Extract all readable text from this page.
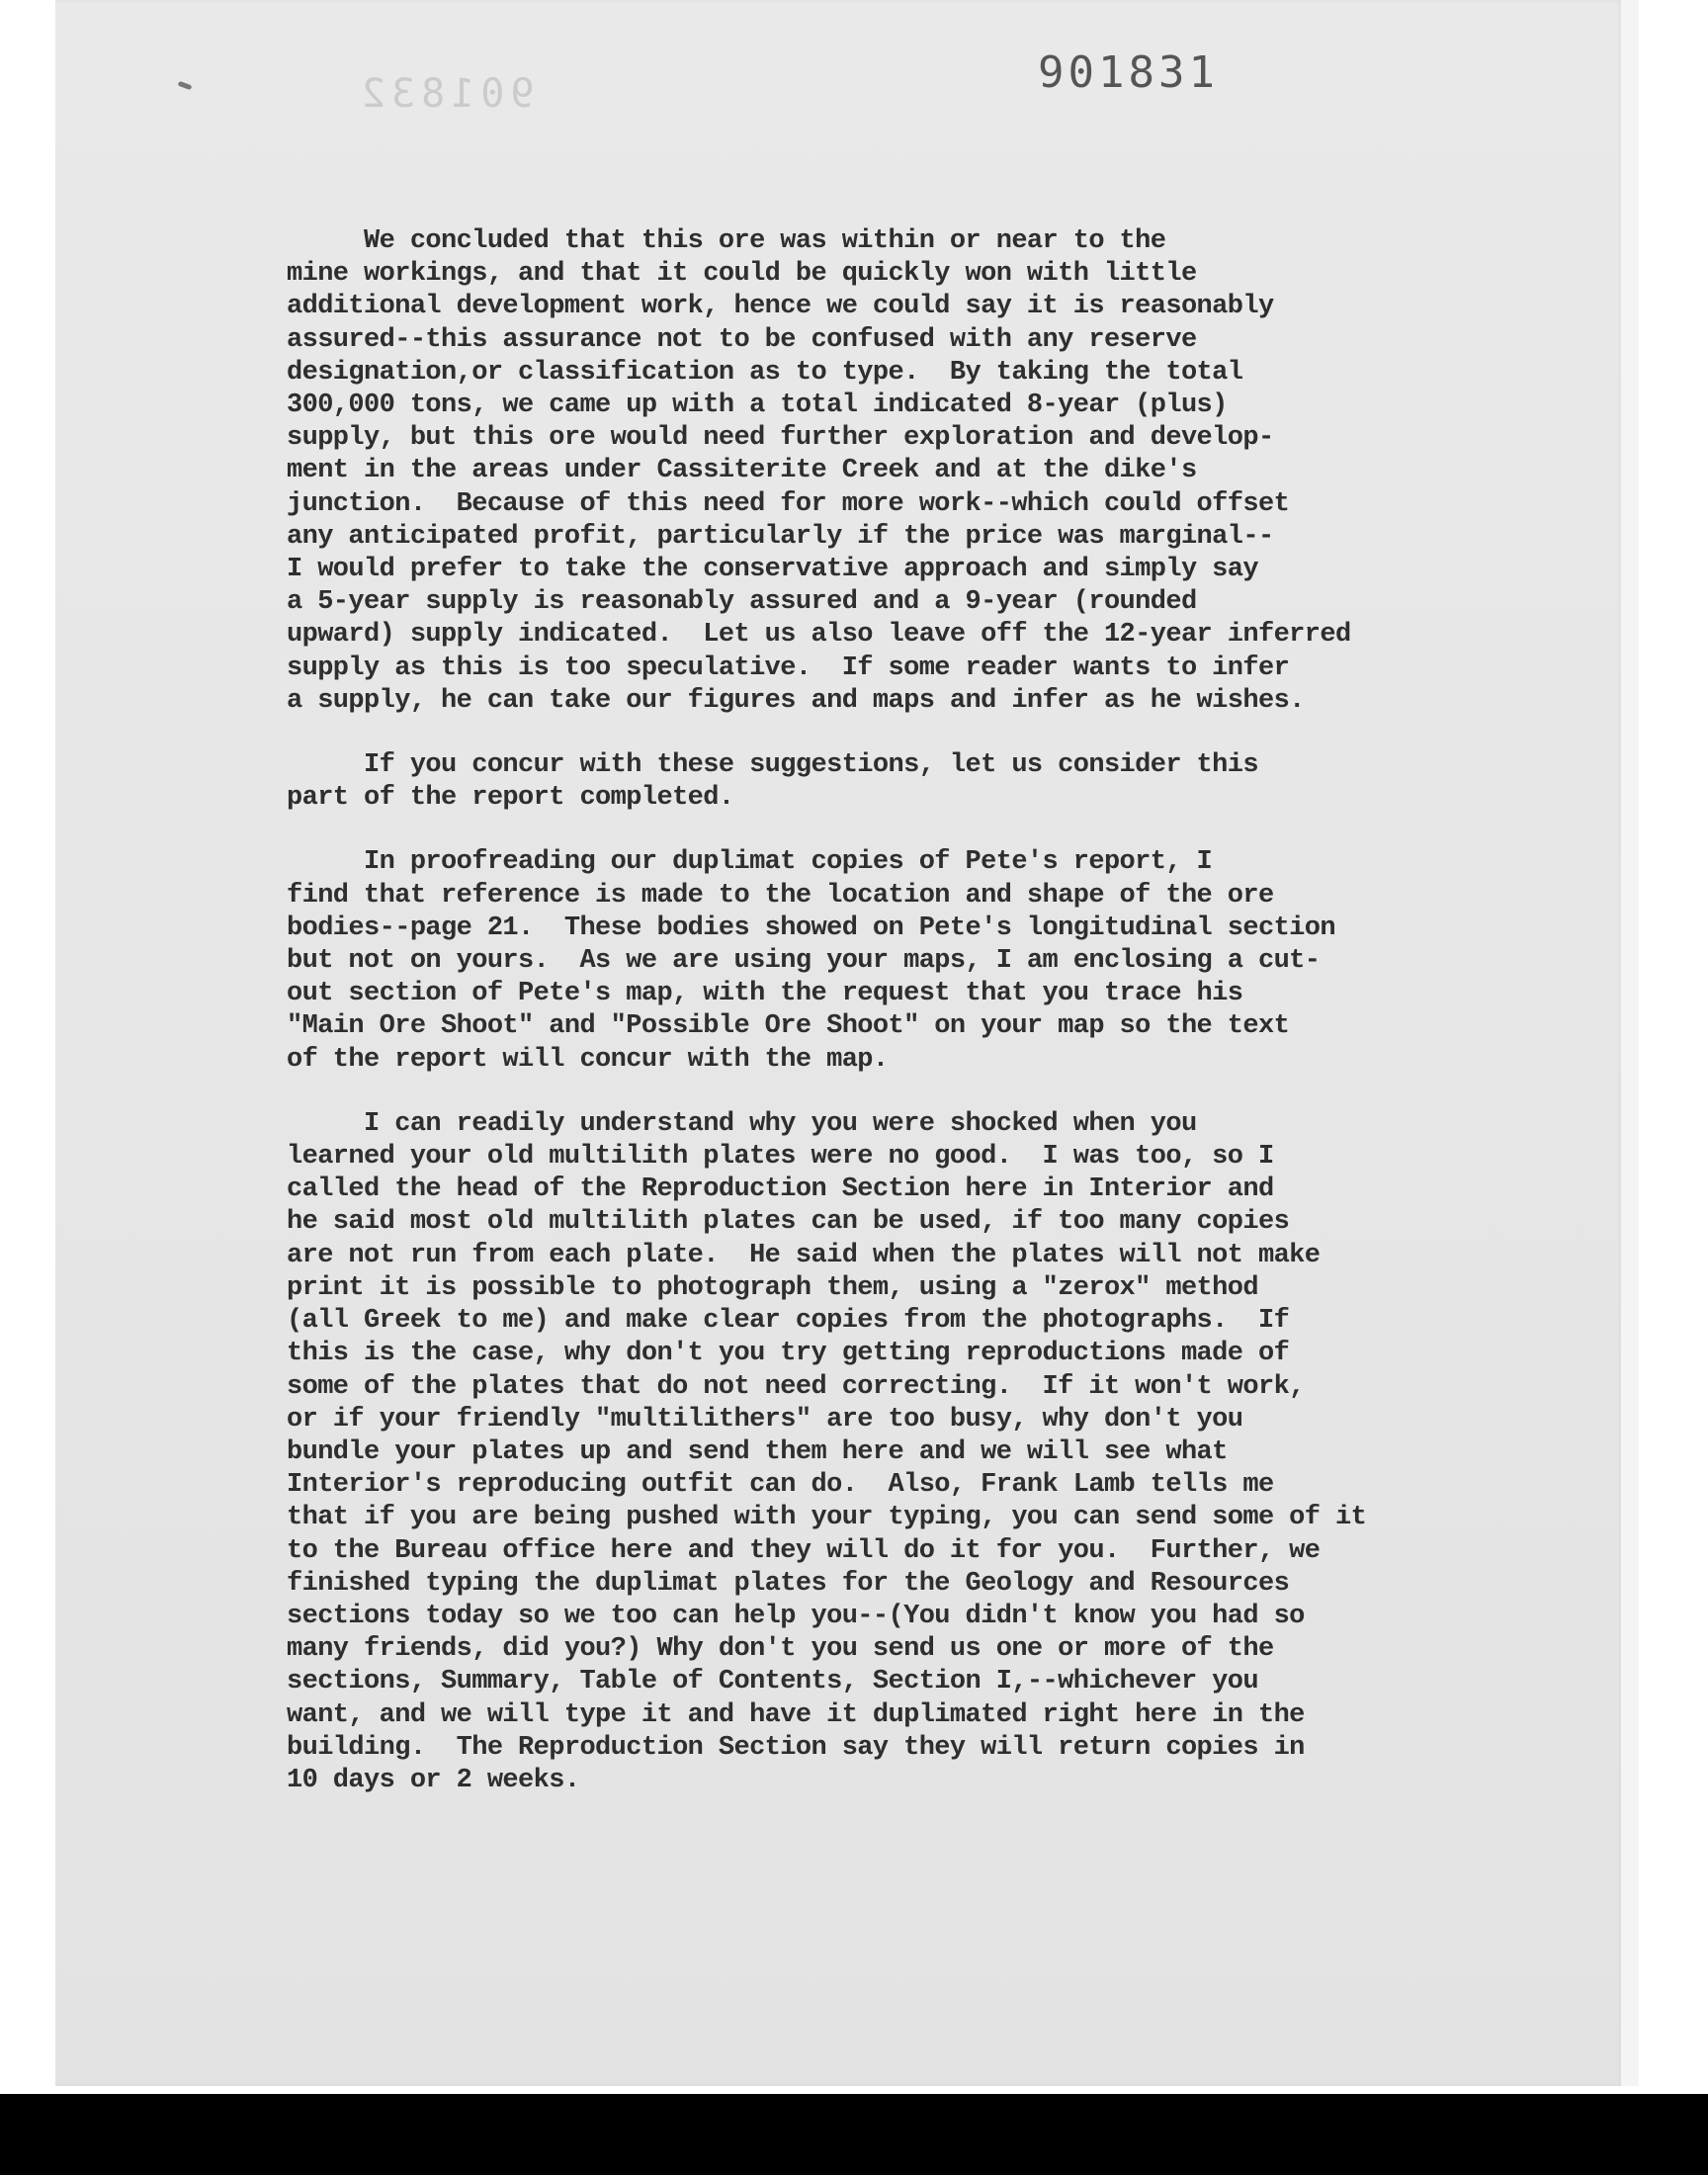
901832	901831
We concluded that this ore was within or near to the
mine workings, and that it could be quickly won with little
additional development work, hence we could say it is reasonably
assured--this assurance not to be confused with any reserve
designation,or classification as to type.  By taking the total
300,000 tons, we came up with a total indicated 8-year (plus)
supply, but this ore would need further exploration and develop-
ment in the areas under Cassiterite Creek and at the dike's
junction.  Because of this need for more work--which could offset
any anticipated profit, particularly if the price was marginal--
I would prefer to take the conservative approach and simply say
a 5-year supply is reasonably assured and a 9-year (rounded
upward) supply indicated.  Let us also leave off the 12-year inferred
supply as this is too speculative.  If some reader wants to infer
a supply, he can take our figures and maps and infer as he wishes.
If you concur with these suggestions, let us consider this
part of the report completed.
In proofreading our duplimat copies of Pete's report, I
find that reference is made to the location and shape of the ore
bodies--page 21.  These bodies showed on Pete's longitudinal section
but not on yours.  As we are using your maps, I am enclosing a cut-
out section of Pete's map, with the request that you trace his
"Main Ore Shoot" and "Possible Ore Shoot" on your map so the text
of the report will concur with the map.
I can readily understand why you were shocked when you
learned your old multilith plates were no good.  I was too, so I
called the head of the Reproduction Section here in Interior and
he said most old multilith plates can be used, if too many copies
are not run from each plate.  He said when the plates will not make
print it is possible to photograph them, using a "zerox" method
(all Greek to me) and make clear copies from the photographs.  If
this is the case, why don't you try getting reproductions made of
some of the plates that do not need correcting.  If it won't work,
or if your friendly "multilithers" are too busy, why don't you
bundle your plates up and send them here and we will see what
Interior's reproducing outfit can do.  Also, Frank Lamb tells me
that if you are being pushed with your typing, you can send some of it
to the Bureau office here and they will do it for you.  Further, we
finished typing the duplimat plates for the Geology and Resources
sections today so we too can help you--(You didn't know you had so
many friends, did you?) Why don't you send us one or more of the
sections, Summary, Table of Contents, Section I,--whichever you
want, and we will type it and have it duplimated right here in the
building.  The Reproduction Section say they will return copies in
10 days or 2 weeks.
